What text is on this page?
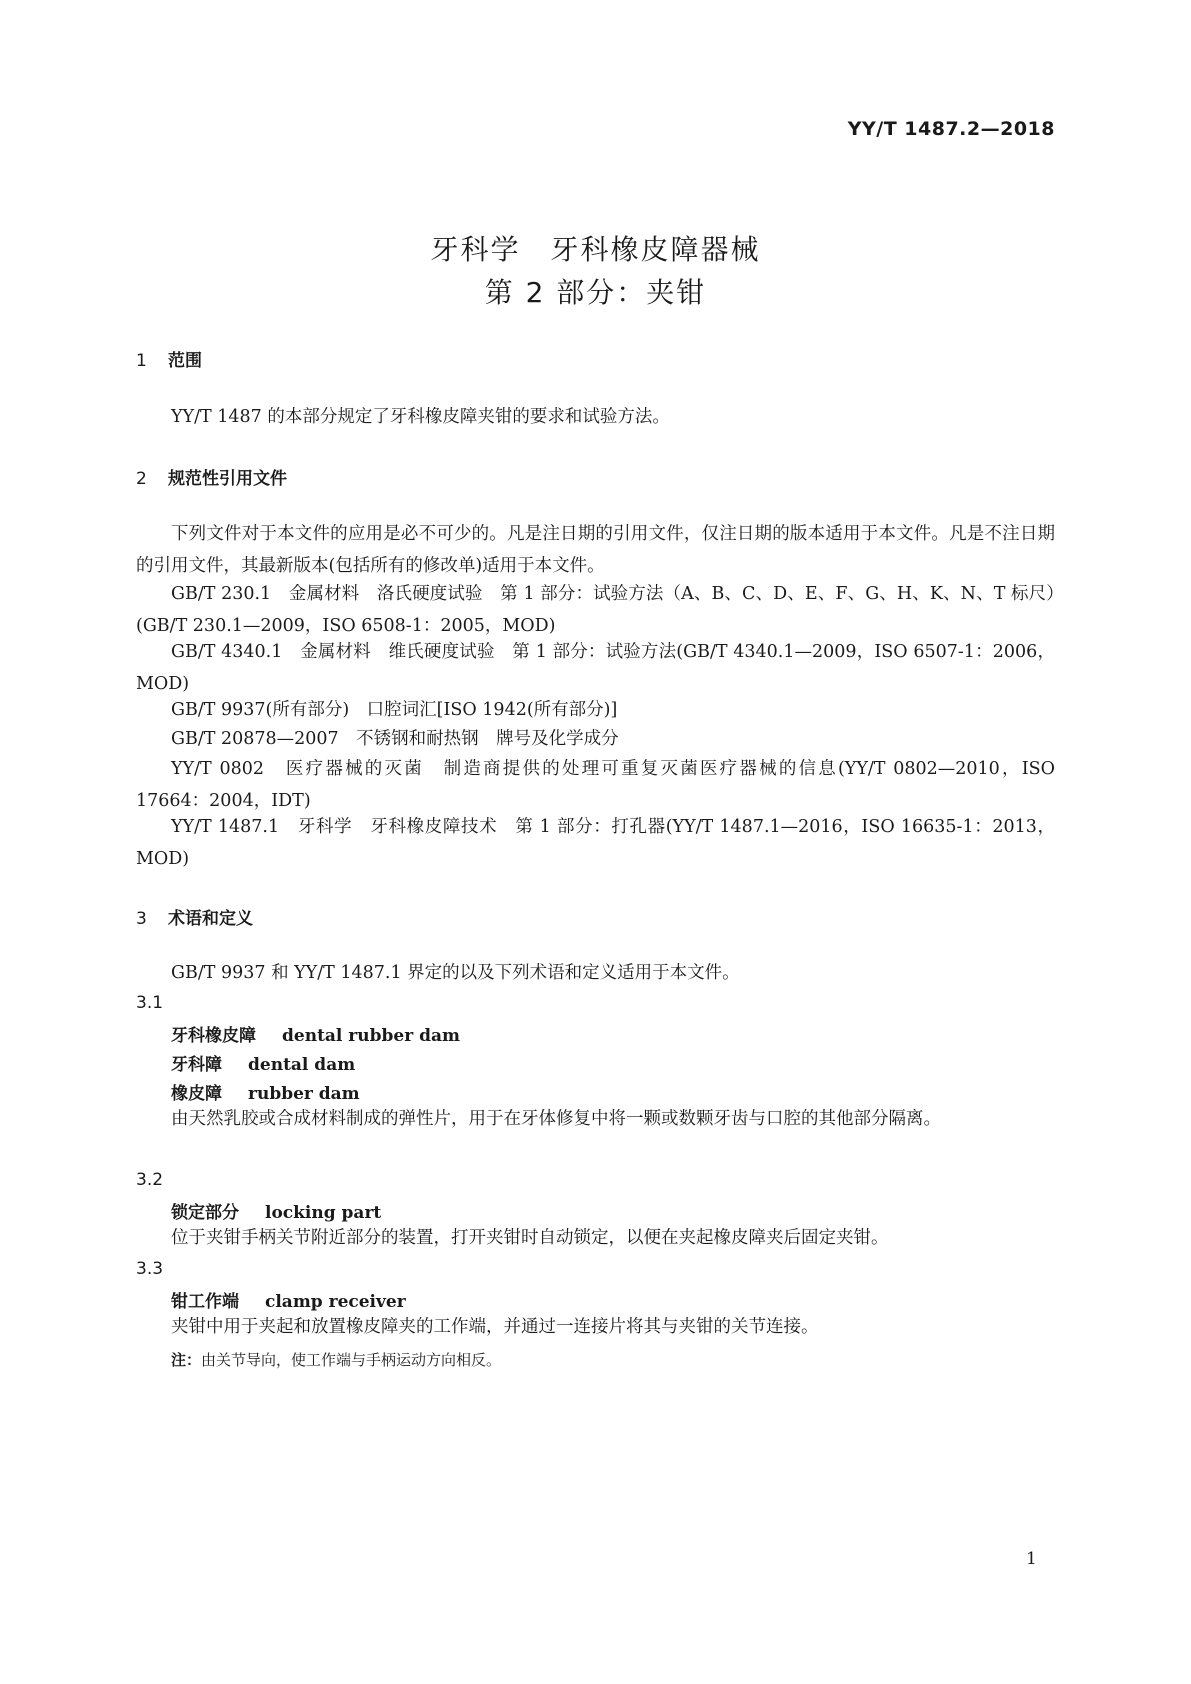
YY/T 1487.2—2018
牙科学　牙科橡皮障器械
第 2 部分：夹钳
1 范围
YY/T 1487 的本部分规定了牙科橡皮障夹钳的要求和试验方法。
2 规范性引用文件
下列文件对于本文件的应用是必不可少的。凡是注日期的引用文件，仅注日期的版本适用于本文件。凡是不注日期的引用文件，其最新版本(包括所有的修改单)适用于本文件。
GB/T 230.1　金属材料　洛氏硬度试验　第 1 部分：试验方法（A、B、C、D、E、F、G、H、K、N、T 标尺）(GB/T 230.1—2009，ISO 6508-1：2005，MOD)
GB/T 4340.1　金属材料　维氏硬度试验　第 1 部分：试验方法(GB/T 4340.1—2009，ISO 6507-1：2006，MOD)
GB/T 9937(所有部分)　口腔词汇[ISO 1942(所有部分)]
GB/T 20878—2007　不锈钢和耐热钢　牌号及化学成分
YY/T 0802　医疗器械的灭菌　制造商提供的处理可重复灭菌医疗器械的信息(YY/T 0802—2010，ISO 17664：2004，IDT)
YY/T 1487.1　牙科学　牙科橡皮障技术　第 1 部分：打孔器(YY/T 1487.1—2016，ISO 16635-1：2013，MOD)
3 术语和定义
GB/T 9937 和 YY/T 1487.1 界定的以及下列术语和定义适用于本文件。
3.1
牙科橡皮障 dental rubber dam
牙科障 dental dam
橡皮障 rubber dam
由天然乳胶或合成材料制成的弹性片，用于在牙体修复中将一颗或数颗牙齿与口腔的其他部分隔离。
3.2
锁定部分 locking part
位于夹钳手柄关节附近部分的装置，打开夹钳时自动锁定，以便在夹起橡皮障夹后固定夹钳。
3.3
钳工作端 clamp receiver
夹钳中用于夹起和放置橡皮障夹的工作端，并通过一连接片将其与夹钳的关节连接。
注：由关节导向，使工作端与手柄运动方向相反。
1
